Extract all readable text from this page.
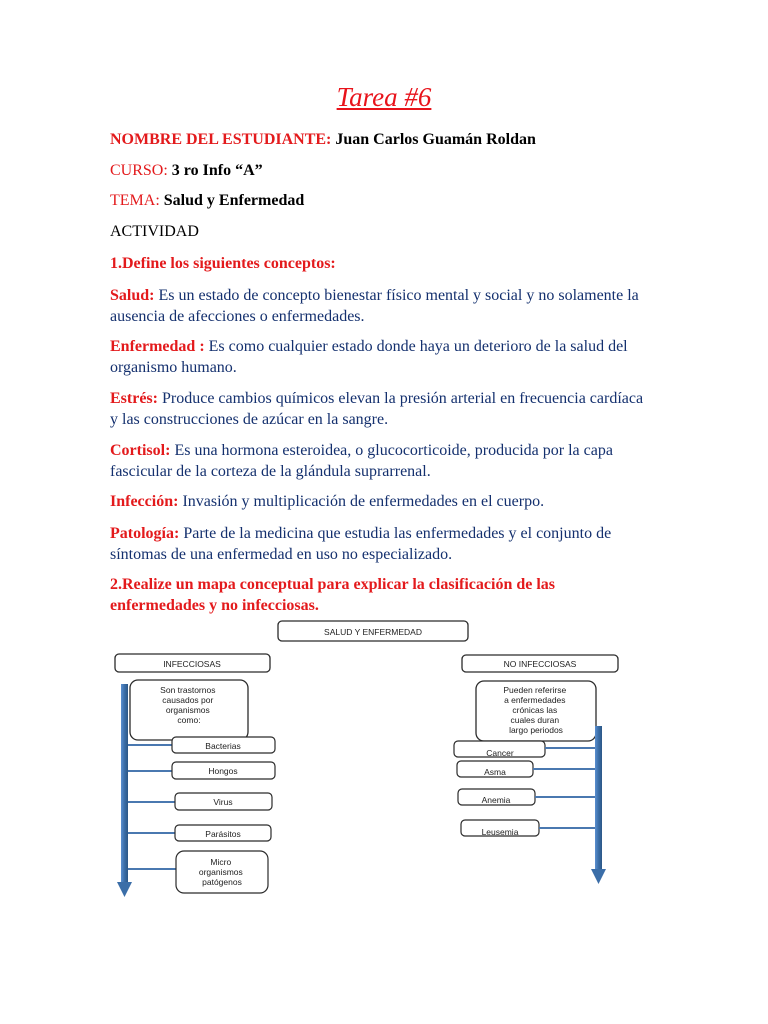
Tarea #6
NOMBRE DEL ESTUDIANTE: Juan Carlos Guamán Roldan
CURSO: 3 ro Info “A”
TEMA: Salud y Enfermedad
ACTIVIDAD
1.Define los siguientes conceptos:
Salud: Es un estado de concepto bienestar físico mental y social y no solamente la ausencia de afecciones o enfermedades.
Enfermedad : Es como cualquier estado donde haya un deterioro de la salud del organismo humano.
Estrés: Produce cambios químicos elevan la presión arterial en frecuencia cardíaca y las construcciones de azúcar en la sangre.
Cortisol: Es una hormona esteroidea, o glucocorticoide, producida por la capa fascicular de la corteza de la glándula suprarrenal.
Infección: Invasión y multiplicación de enfermedades en el cuerpo.
Patología: Parte de la medicina que estudia las enfermedades y el conjunto de síntomas de una enfermedad en uso no especializado.
2.Realize un mapa conceptual para explicar la clasificación de las enfermedades y no infecciosas.
SALUD Y ENFERMEDAD
INFECCIOSAS
Son trastornos causados por organismos como:
Bacterias
Hongos
Virus
Parásitos
Micro organismos patógenos
NO INFECCIOSAS
Pueden referirse a enfermedades crónicas las cuales duran largo periodos
Cancer
Asma
Anemia
Leusemia
